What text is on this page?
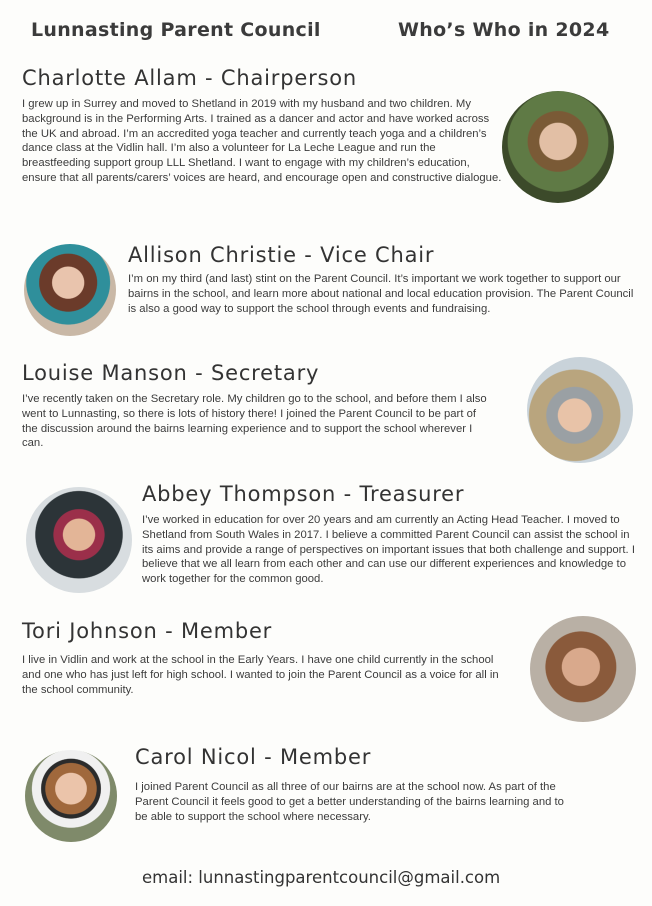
Lunnasting Parent Council	Who’s Who in 2024
Charlotte Allam - Chairperson
I grew up in Surrey and moved to Shetland in 2019 with my husband and two children. My background is in the Performing Arts. I trained as a dancer and actor and have worked across the UK and abroad. I’m an accredited yoga teacher and currently teach yoga and a children’s dance class at the Vidlin hall. I’m also a volunteer for La Leche League and run the breastfeeding support group LLL Shetland. I want to engage with my children’s education, ensure that all parents/carers’ voices are heard, and encourage open and constructive dialogue.
Allison Christie - Vice Chair
I’m on my third (and last) stint on the Parent Council. It’s important we work together to support our bairns in the school, and learn more about national and local education provision. The Parent Council is also a good way to support the school through events and fundraising.
Louise Manson - Secretary
I’ve recently taken on the Secretary role. My children go to the school, and before them I also went to Lunnasting, so there is lots of history there! I joined the Parent Council to be part of the discussion around the bairns learning experience and to support the school wherever I can.
Abbey Thompson - Treasurer
I’ve worked in education for over 20 years and am currently an Acting Head Teacher. I moved to Shetland from South Wales in 2017. I believe a committed Parent Council can assist the school in its aims and provide a range of perspectives on important issues that both challenge and support. I believe that we all learn from each other and can use our different experiences and knowledge to work together for the common good.
Tori Johnson - Member
I live in Vidlin and work at the school in the Early Years. I have one child currently in the school and one who has just left for high school. I wanted to join the Parent Council as a voice for all in the school community.
Carol Nicol - Member
I joined Parent Council as all three of our bairns are at the school now. As part of the Parent Council it feels good to get a better understanding of the bairns learning and to be able to support the school where necessary.
email: lunnastingparentcouncil@gmail.com
